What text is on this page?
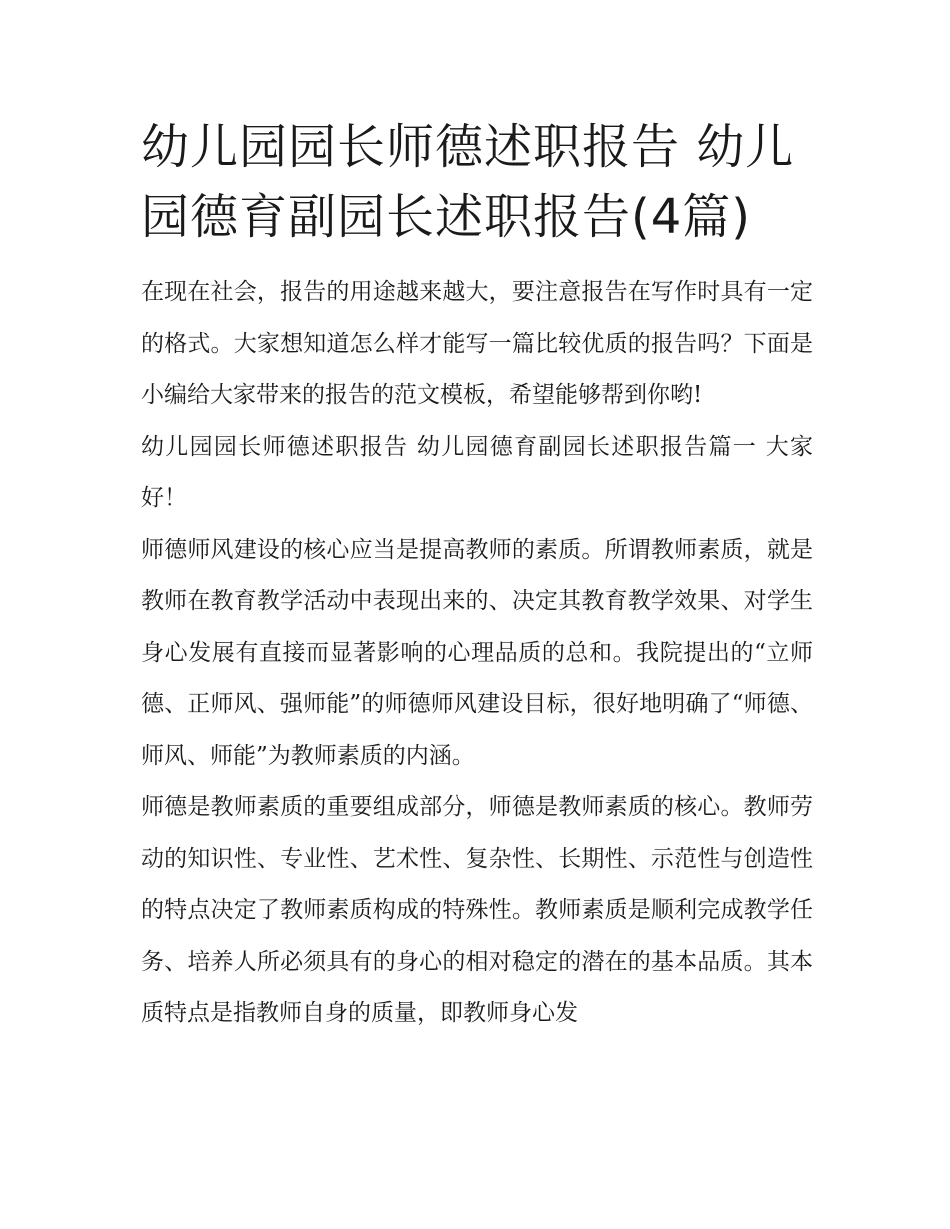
幼儿园园长师德述职报告 幼儿园德育副园长述职报告(4篇)

在现在社会，报告的用途越来越大，要注意报告在写作时具有一定的格式。大家想知道怎么样才能写一篇比较优质的报告吗？下面是小编给大家带来的报告的范文模板，希望能够帮到你哟!

幼儿园园长师德述职报告 幼儿园德育副园长述职报告篇一 大家好！

师德师风建设的核心应当是提高教师的素质。所谓教师素质，就是教师在教育教学活动中表现出来的、决定其教育教学效果、对学生身心发展有直接而显著影响的心理品质的总和。我院提出的“立师德、正师风、强师能”的师德师风建设目标，很好地明确了“师德、师风、师能”为教师素质的内涵。

师德是教师素质的重要组成部分，师德是教师素质的核心。教师劳动的知识性、专业性、艺术性、复杂性、长期性、示范性与创造性的特点决定了教师素质构成的特殊性。教师素质是顺利完成教学任务、培养人所必须具有的身心的相对稳定的潜在的基本品质。其本质特点是指教师自身的质量，即教师身心发
